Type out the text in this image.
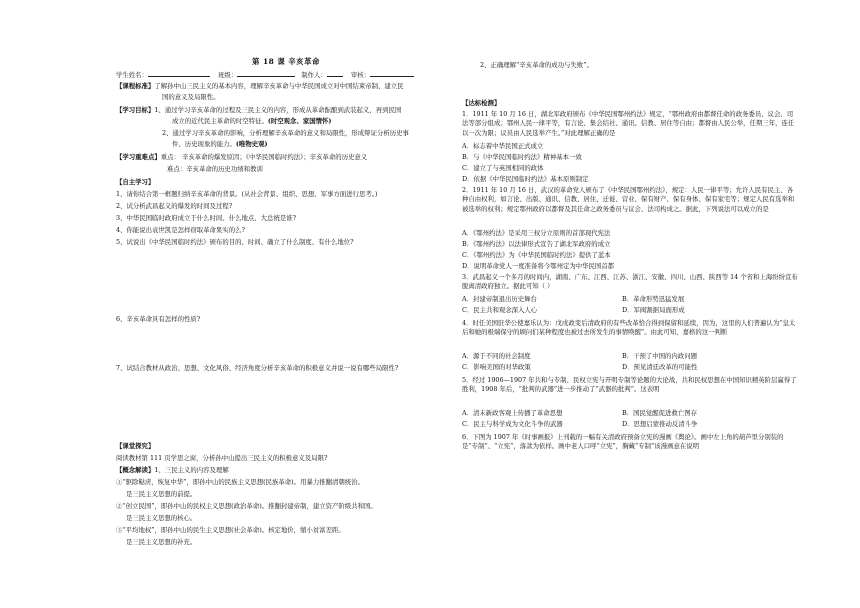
第 18 课 辛亥革命
学生姓名：	班级：	制作人：	审核：
【课程标准】了解孙中山三民主义的基本内容，理解辛亥革命与中华民国成立对中国结束帝制、建立民
国的意义及局限性。
【学习目标】1、通过学习辛亥革命的过程及三民主义的内容，形成从革命酝酿到武装起义，再到民国
成立的近代民主革命的时空特征。(时空观念、家国情怀)
2、通过学习辛亥革命的影响，分析理解辛亥革命的意义和局限性，形成辩证分析历史事
件、历史现象的能力。(唯物史观)
【学习重难点】重点： 辛亥革命的爆发原因；《中华民国临时约法》；辛亥革命的历史意义
难点：辛亥革命的历史功绩和教训
【自主学习】
1、请你结合第一框题归纳辛亥革命的背景。(从社会背景、组织、思想、军事方面进行思考。)
2、试分析武昌起义的爆发的时间及过程?
3、中华民国临时政府成立于什么时间、什么地点、大总统是谁?
4、你能说出袁世凯是怎样窃取革命果实的么?
5、试说出《中华民国临时约法》颁布的目的、时间、确立了什么制度、有什么地位?
6、辛亥革命具有怎样的性质?
7、试结合教材从政治、思想、文化风俗、经济角度分析辛亥革命的积极意义并说一说有哪些局限性?
【课堂探究】
阅读教材第 111 页学思之窗，分析孙中山提出三民主义的积极意义及局限?
【概念解读】1、三民主义的内容及理解
①“驱除鞑虏，恢复中华”，即孙中山的民族主义思想(民族革命)。用暴力推翻清朝统治。
是三民主义思想的前提。
②“创立民国”，即孙中山的民权主义思想(政治革命)。推翻封建帝制，建立资产阶级共和国。
是三民主义思想的核心。
③“平均地权”，即孙中山的民生主义思想(社会革命)。核定地价，缩小贫富差距。
是三民主义思想的补充。
2、正确理解“辛亥革命的成功与失败”。
【达标检测】
1．1911 年 10 月 16 日，湖北军政府颁布《中华民国鄂州约法》规定，“鄂州政府由都督任命的政务委员、议会、司法等部分组成；鄂州人民一律平等，有言论、集会结社、通讯、信教、居住等自由；都督由人民公举，任期三年，连任以一次为限；议员由人民选举产生。”对此理解正确的是
A．标志着中华民国正式成立
B．与《中华民国临时约法》精神基本一致
C．建立了与英国相同的政体
D．依据《中华民国临时约法》基本原则制定
2．1911 年 10 月 16 日，武汉的革命党人颁布了《中华民国鄂州约法》，规定：人民一律平等；允许人民有民主、各种自由权利，如言论、出版、通讯、信教、居住、迁徙、营业、保有财产、保有身体、保有家宅等；规定人民有选举和被选举的权利；规定鄂州政府以都督及其任命之政务委员与议会、法司构成之。据此，下列说法可以成立的是
A．《鄂州约法》是采用三权分立原则的首部现代宪法
B．《鄂州约法》以法律形式宣告了湖北军政府的成立
C．《鄂州约法》为《中华民国临时约法》提供了蓝本
D．说明革命党人一度准备将今鄂州定为中华民国首都
3．武昌起义一个多月的时间内，湖南、广东、江西、江苏、浙江、安徽、四川、山西、陕西等 14 个省和上海纷纷宣布脱离清政府独立。据此可知（ ）
A．封建帝制退出历史舞台	B．革命形势迅猛发展
C．民主共和观念深入人心	D．军阀割据局面形成
4．时任美国驻华公使嘉乐认为：戊戌政变后清政府的有些改革恰合得到保留和延续，因为，这里的人们普遍认为“皇太后和她的极端保守的顾问们某种程度也被过去所发生的事情唤醒”。由此可知，嘉格的这一判断
A．源于不同的社会制度	B．干预了中国的内政问题
C．影响美国的对华政策	D．预见清廷改革的可能性
5．经过 1906—1907 年共和与专制、民权立宪与开明专制等论题的大论战，共和民权思想在中国知识精英阶层赢得了胜利，1908 年后，“批判的武器”进一步推动了“武器的批判”。这表明
A．清末新政客观上传播了革命思想	B．国民觉醒促进救亡图存
C．民主与科学成为文化斗争的武器	D．思想启蒙推动反清斗争
6．下图为 1907 年《时事画报》上刊载的一幅有关清政府预备立宪的漫画《舆论》。画中左上角的葫芦里分别装的是“专制”、“立宪”，落款为依样。画中老人口呼“立宪”，胸藏“专制”该漫画意在说明
